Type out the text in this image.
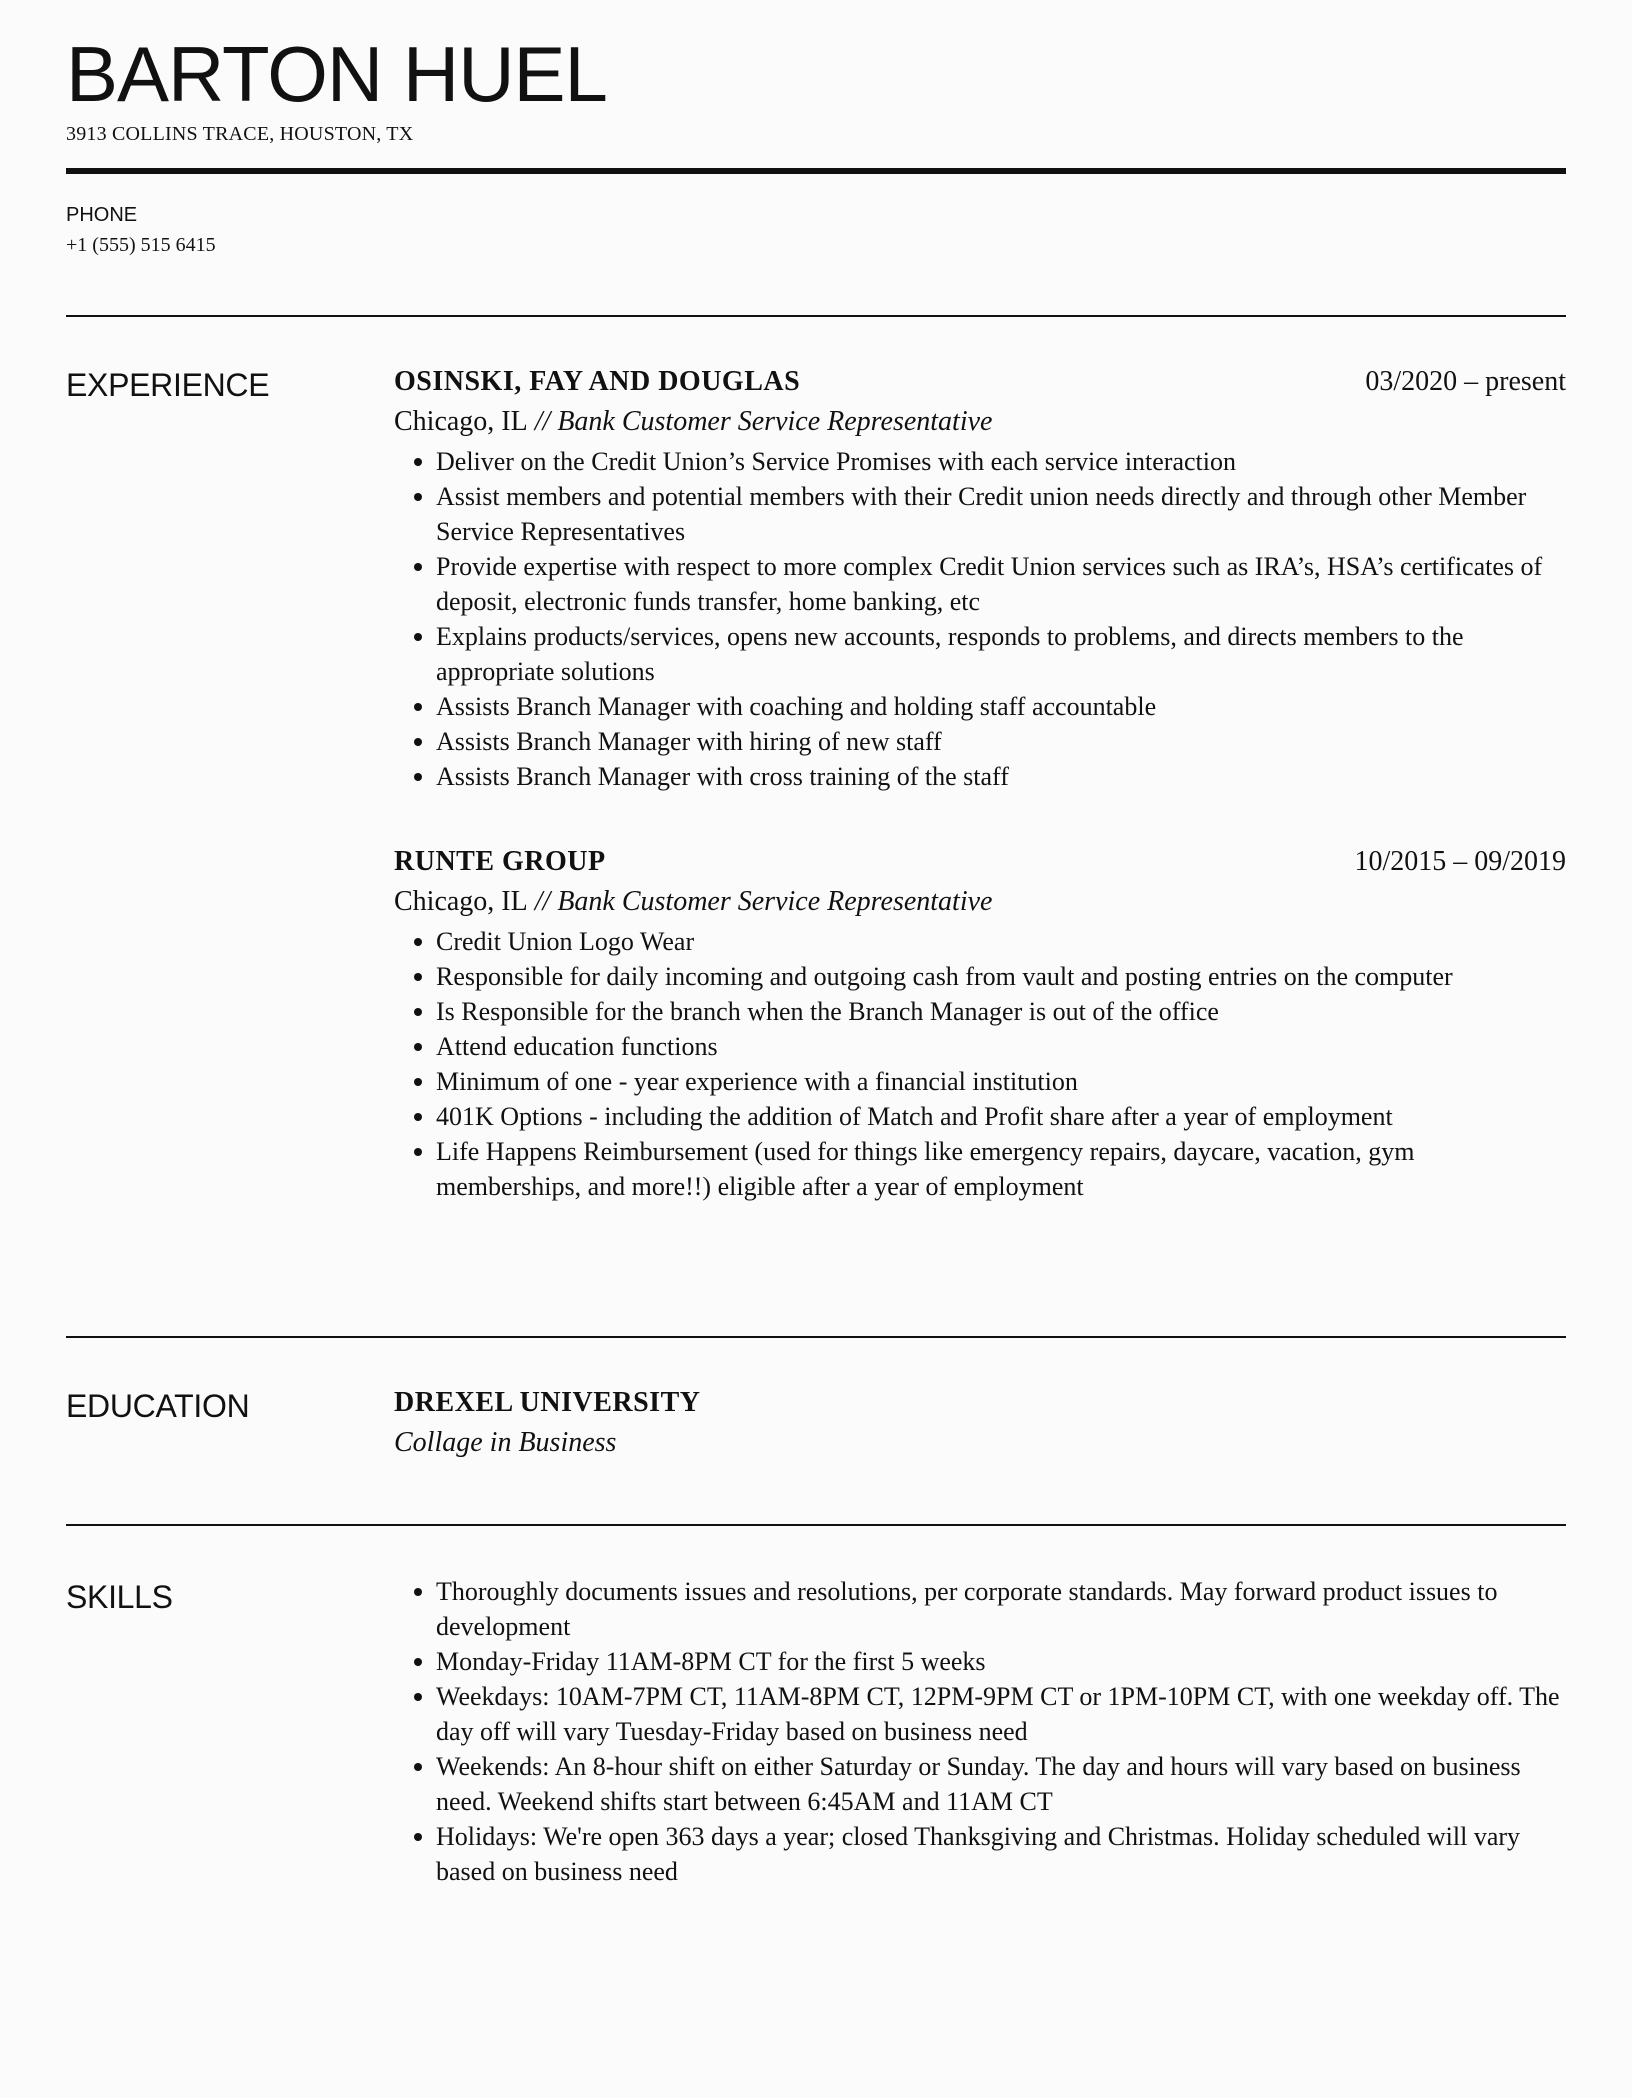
BARTON HUEL
3913 COLLINS TRACE, HOUSTON, TX
PHONE
+1 (555) 515 6415
EXPERIENCE	OSINSKI, FAY AND DOUGLAS	03/2020 – present
Chicago, IL // Bank Customer Service Representative
Deliver on the Credit Union’s Service Promises with each service interaction
Assist members and potential members with their Credit union needs directly and through other Member Service Representatives
Provide expertise with respect to more complex Credit Union services such as IRA’s, HSA’s certificates of deposit, electronic funds transfer, home banking, etc
Explains products/services, opens new accounts, responds to problems, and directs members to the appropriate solutions
Assists Branch Manager with coaching and holding staff accountable
Assists Branch Manager with hiring of new staff
Assists Branch Manager with cross training of the staff
RUNTE GROUP	10/2015 – 09/2019
Chicago, IL // Bank Customer Service Representative
Credit Union Logo Wear
Responsible for daily incoming and outgoing cash from vault and posting entries on the computer
Is Responsible for the branch when the Branch Manager is out of the office
Attend education functions
Minimum of one - year experience with a financial institution
401K Options - including the addition of Match and Profit share after a year of employment
Life Happens Reimbursement (used for things like emergency repairs, daycare, vacation, gym memberships, and more!!) eligible after a year of employment
EDUCATION	DREXEL UNIVERSITY
Collage in Business
SKILLS	Thoroughly documents issues and resolutions, per corporate standards. May forward product issues to development
Monday-Friday 11AM-8PM CT for the first 5 weeks
Weekdays: 10AM-7PM CT, 11AM-8PM CT, 12PM-9PM CT or 1PM-10PM CT, with one weekday off. The day off will vary Tuesday-Friday based on business need
Weekends: An 8-hour shift on either Saturday or Sunday. The day and hours will vary based on business need. Weekend shifts start between 6:45AM and 11AM CT
Holidays: We're open 363 days a year; closed Thanksgiving and Christmas. Holiday scheduled will vary based on business need
